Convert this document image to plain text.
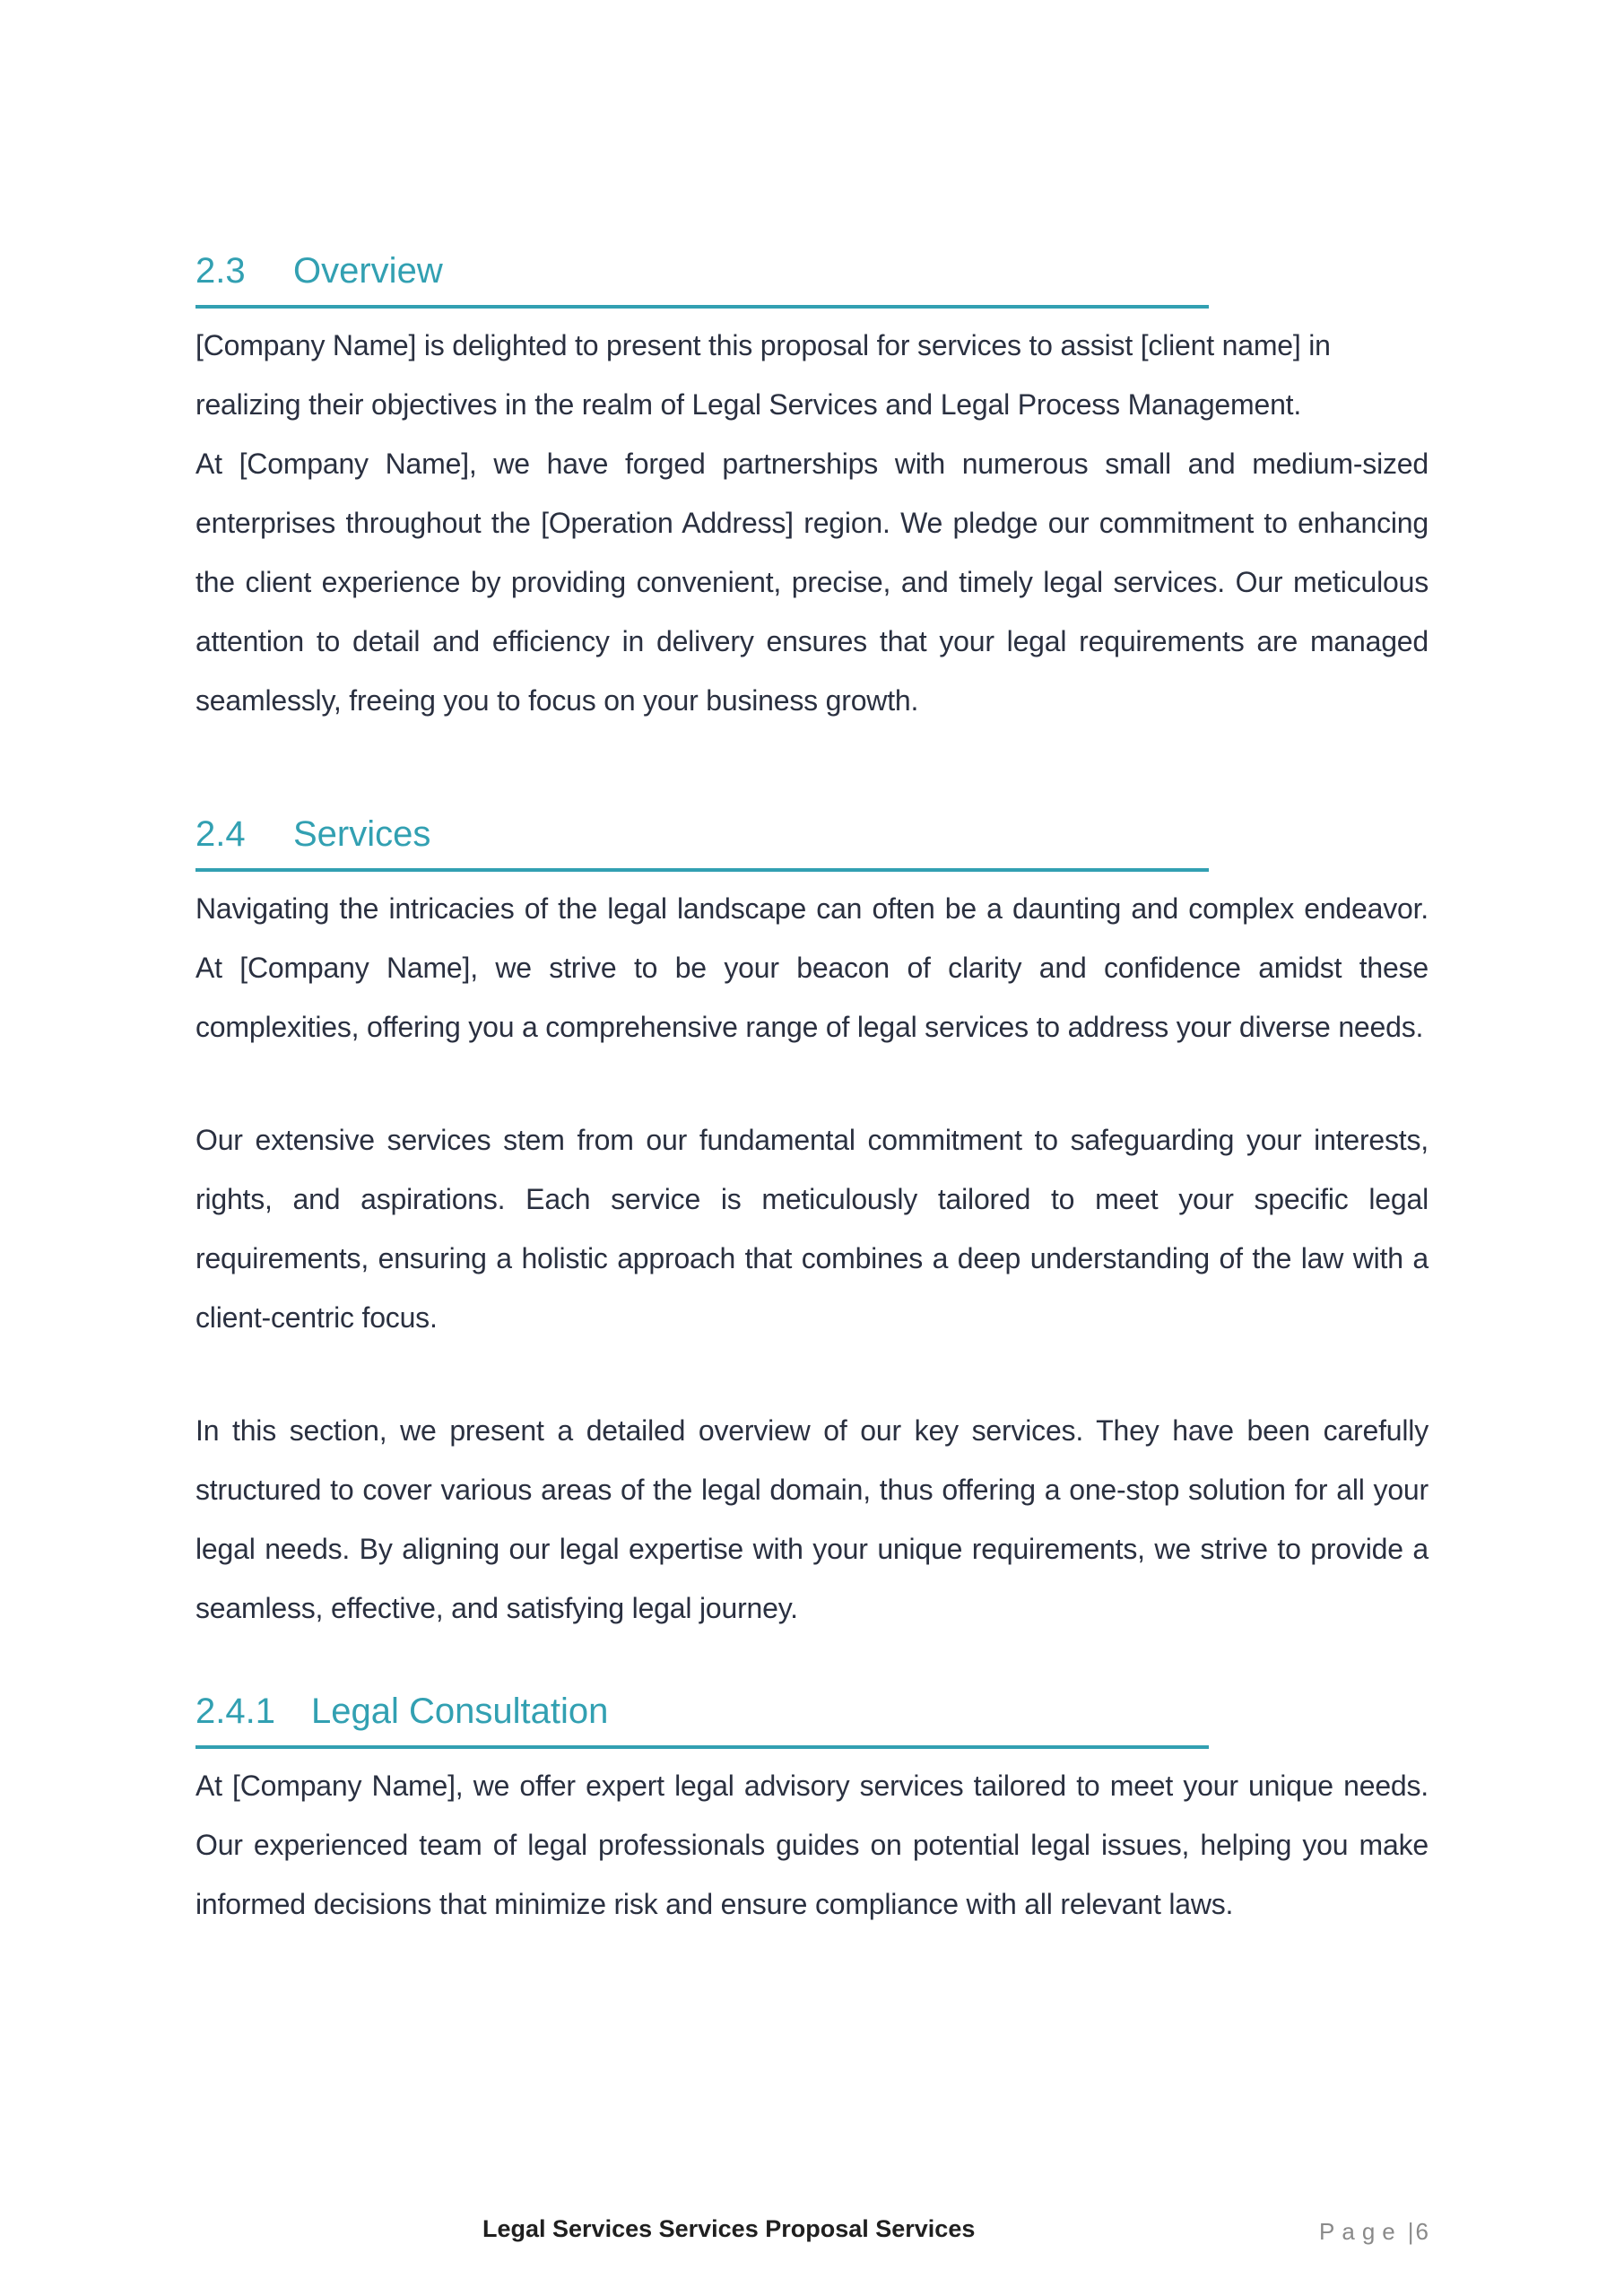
2.3 Overview

[Company Name] is delighted to present this proposal for services to assist [client name] in realizing their objectives in the realm of Legal Services and Legal Process Management.

At [Company Name], we have forged partnerships with numerous small and medium-sized enterprises throughout the [Operation Address] region. We pledge our commitment to enhancing the client experience by providing convenient, precise, and timely legal services. Our meticulous attention to detail and efficiency in delivery ensures that your legal requirements are managed seamlessly, freeing you to focus on your business growth.

2.4 Services

Navigating the intricacies of the legal landscape can often be a daunting and complex endeavor. At [Company Name], we strive to be your beacon of clarity and confidence amidst these complexities, offering you a comprehensive range of legal services to address your diverse needs.

Our extensive services stem from our fundamental commitment to safeguarding your interests, rights, and aspirations. Each service is meticulously tailored to meet your specific legal requirements, ensuring a holistic approach that combines a deep understanding of the law with a client-centric focus.

In this section, we present a detailed overview of our key services. They have been carefully structured to cover various areas of the legal domain, thus offering a one-stop solution for all your legal needs. By aligning our legal expertise with your unique requirements, we strive to provide a seamless, effective, and satisfying legal journey.

2.4.1 Legal Consultation

At [Company Name], we offer expert legal advisory services tailored to meet your unique needs. Our experienced team of legal professionals guides on potential legal issues, helping you make informed decisions that minimize risk and ensure compliance with all relevant laws.

Legal Services Services Proposal Services	Page |6
